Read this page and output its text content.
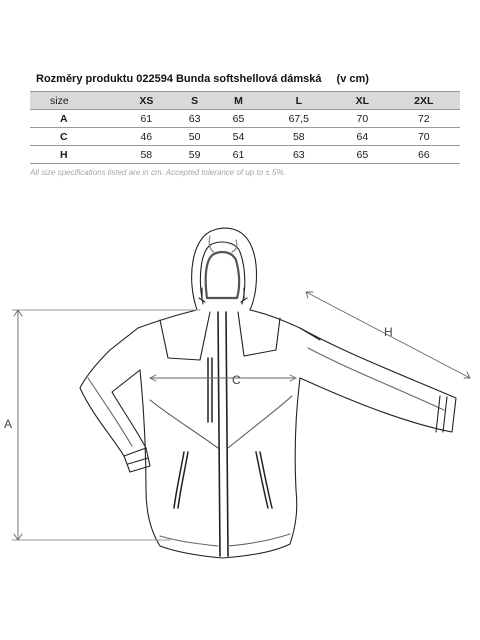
Rozměry produktu 022594 Bunda softshellová dámská (v cm)
size	XS	S	M	L	XL	2XL
A	61	63	65	67,5	70	72
C	46	50	54	58	64	70
H	58	59	61	63	65	66
All size specifications listed are in cm. Accepted tolerance of up to ± 5%.
A
C
H
